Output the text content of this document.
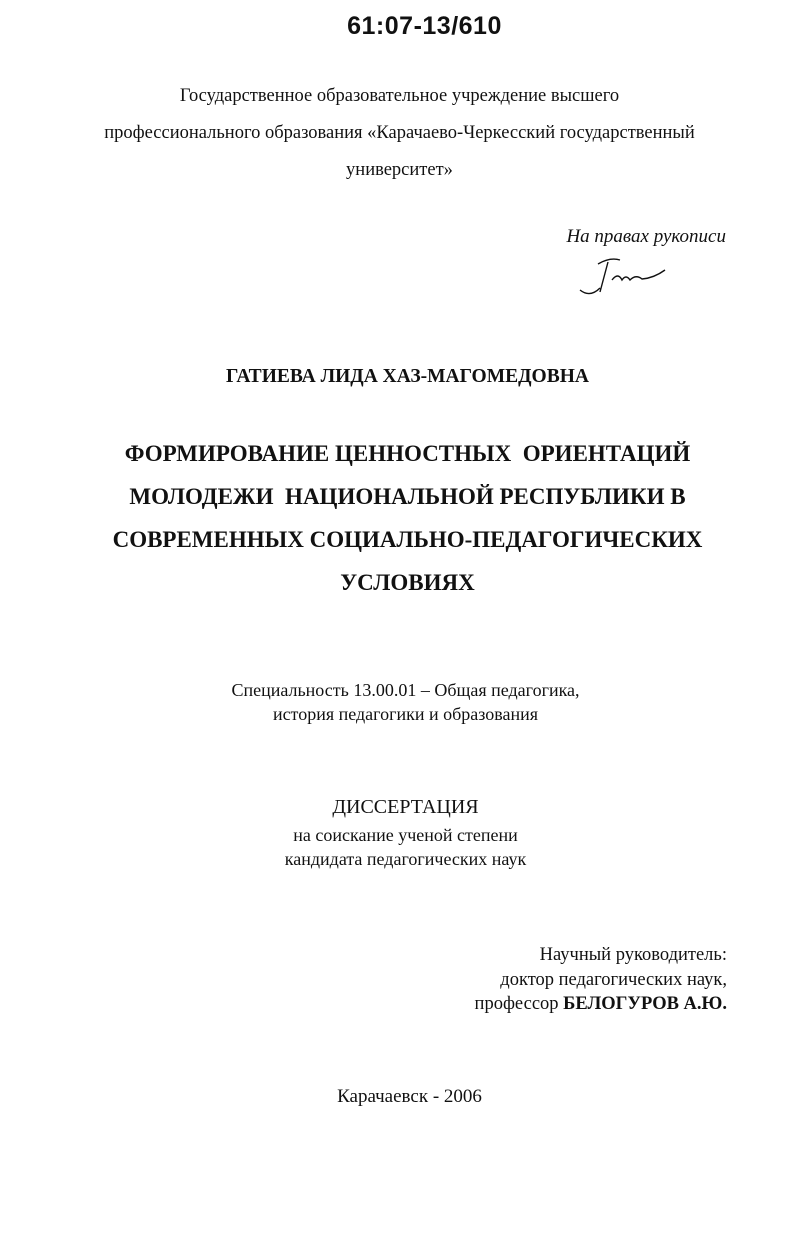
61:07-13/610
Государственное образовательное учреждение высшего
профессионального образования «Карачаево-Черкесский государственный
университет»
На правах рукописи
ГАТИЕВА ЛИДА ХАЗ-МАГОМЕДОВНА
ФОРМИРОВАНИЕ ЦЕННОСТНЫХ  ОРИЕНТАЦИЙ
МОЛОДЕЖИ  НАЦИОНАЛЬНОЙ РЕСПУБЛИКИ В
СОВРЕМЕННЫХ СОЦИАЛЬНО-ПЕДАГОГИЧЕСКИХ
УСЛОВИЯХ
Специальность 13.00.01 – Общая педагогика,
история педагогики и образования
ДИССЕРТАЦИЯ
на соискание ученой степени
кандидата педагогических наук
Научный руководитель:
доктор педагогических наук,
профессор БЕЛОГУРОВ А.Ю.
Карачаевск - 2006
